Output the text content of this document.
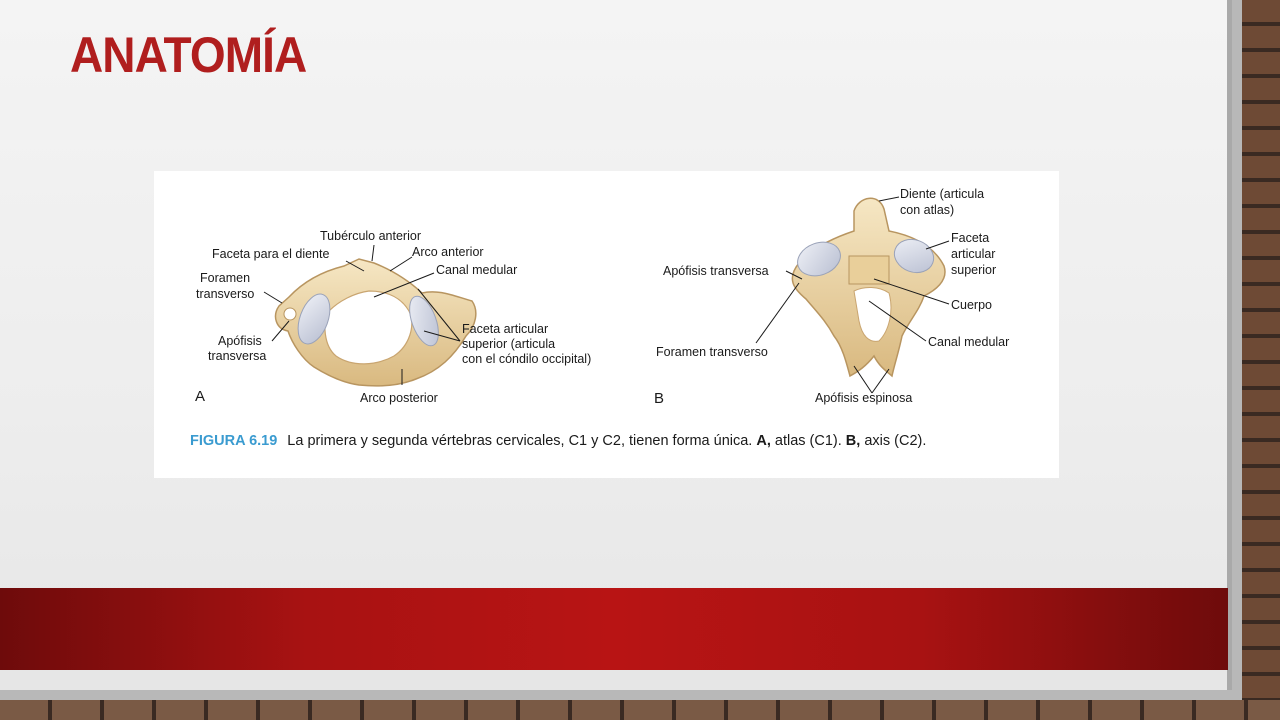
ANATOMÍA
Tubérculo anterior
Faceta para el diente	Arco anterior
Canal medular
Foramen
transverso
Apófisis
transversa
Faceta articular
superior (articula
con el cóndilo occipital)
Arco posterior
A
Diente (articula
con atlas)
Faceta
articular
superior
Apófisis transversa
Cuerpo
Foramen transverso
Canal medular
Apófisis espinosa
B
FIGURA 6.19 La primera y segunda vértebras cervicales, C1 y C2, tienen forma única. A, atlas (C1). B, axis (C2).
